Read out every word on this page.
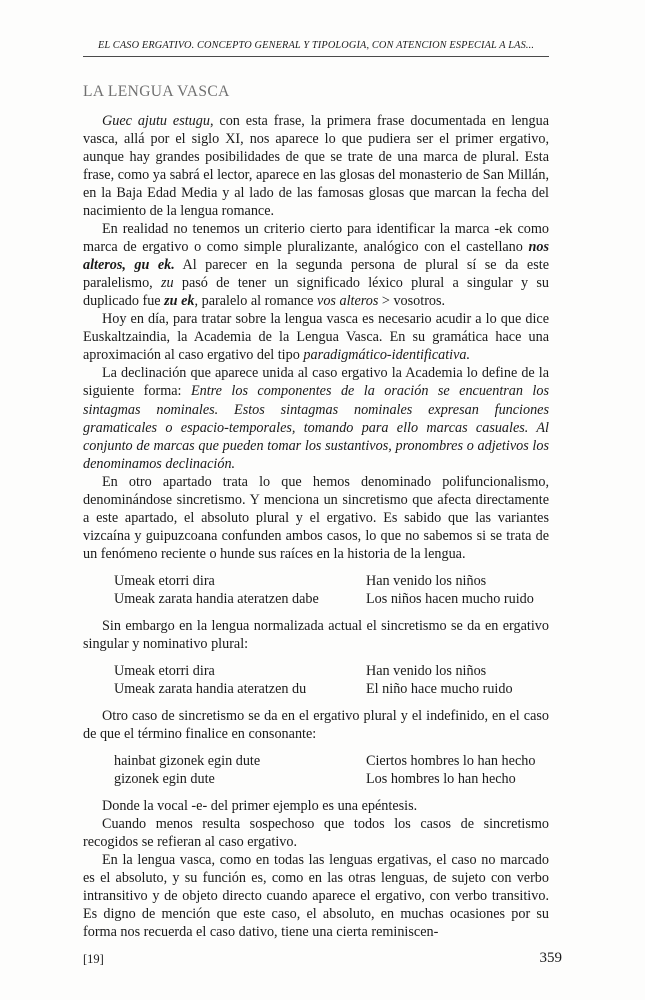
EL CASO ERGATIVO. CONCEPTO GENERAL Y TIPOLOGÍA, CON ATENCIÓN ESPECIAL A LAS...
LA LENGUA VASCA

Guec ajutu estugu, con esta frase, la primera frase documentada en lengua vasca, allá por el siglo XI, nos aparece lo que pudiera ser el primer ergativo, aunque hay grandes posibilidades de que se trate de una marca de plural. Esta frase, como ya sabrá el lector, aparece en las glosas del monasterio de San Millán, en la Baja Edad Media y al lado de las famosas glosas que marcan la fecha del nacimiento de la lengua romance.

En realidad no tenemos un criterio cierto para identificar la marca -ek como marca de ergativo o como simple pluralizante, analógico con el castellano nos alteros, gu ek. Al parecer en la segunda persona de plural sí se da este paralelismo, zu pasó de tener un significado léxico plural a singular y su duplicado fue zu ek, paralelo al romance vos alteros > vosotros.

Hoy en día, para tratar sobre la lengua vasca es necesario acudir a lo que dice Euskaltzaindia, la Academia de la Lengua Vasca. En su gramática hace una aproximación al caso ergativo del tipo paradigmático-identificativa.

La declinación que aparece unida al caso ergativo la Academia lo define de la siguiente forma: Entre los componentes de la oración se encuentran los sintagmas nominales. Estos sintagmas nominales expresan funciones gramaticales o espacio-temporales, tomando para ello marcas casuales. Al conjunto de marcas que pueden tomar los sustantivos, pronombres o adjetivos los denominamos declinación.

En otro apartado trata lo que hemos denominado polifuncionalismo, denominándose sincretismo. Y menciona un sincretismo que afecta directamente a este apartado, el absoluto plural y el ergativo. Es sabido que las variantes vizcaína y guipuzcoana confunden ambos casos, lo que no sabemos si se trata de un fenómeno reciente o hunde sus raíces en la historia de la lengua.

Umeak etorri dira	Han venido los niños
Umeak zarata handia ateratzen dabe	Los niños hacen mucho ruido

Sin embargo en la lengua normalizada actual el sincretismo se da en ergativo singular y nominativo plural:

Umeak etorri dira	Han venido los niños
Umeak zarata handia ateratzen du	El niño hace mucho ruido

Otro caso de sincretismo se da en el ergativo plural y el indefinido, en el caso de que el término finalice en consonante:

hainbat gizonek egin dute	Ciertos hombres lo han hecho
gizonek egin dute	Los hombres lo han hecho

Donde la vocal -e- del primer ejemplo es una epéntesis.

Cuando menos resulta sospechoso que todos los casos de sincretismo recogidos se refieran al caso ergativo.

En la lengua vasca, como en todas las lenguas ergativas, el caso no marcado es el absoluto, y su función es, como en las otras lenguas, de sujeto con verbo intransitivo y de objeto directo cuando aparece el ergativo, con verbo transitivo. Es digno de mención que este caso, el absoluto, en muchas ocasiones por su forma nos recuerda el caso dativo, tiene una cierta reminiscen-

[19]	359
